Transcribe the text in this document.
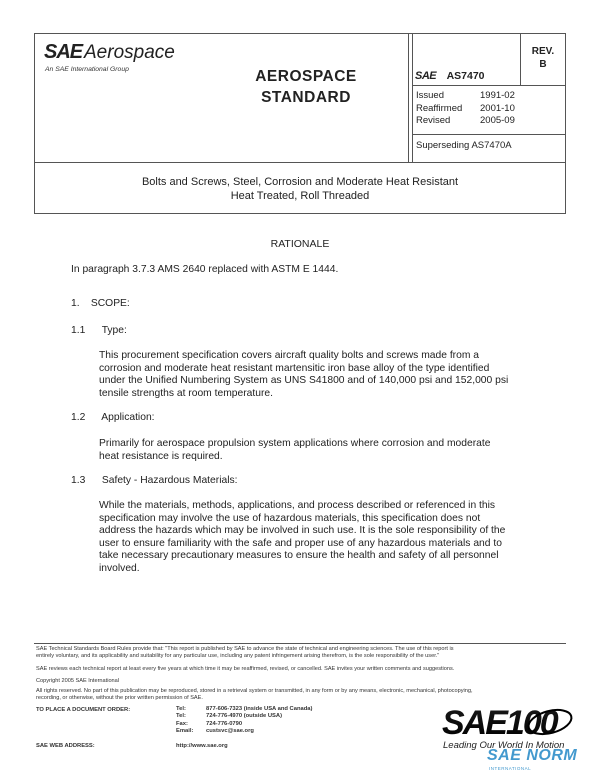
SAE Aerospace
An SAE International Group	AEROSPACE
STANDARD
SAE AS7470
REV.
B
Issued	1991-02
Reaffirmed	2001-10
Revised	2005-09
Superseding AS7470A
Bolts and Screws, Steel, Corrosion and Moderate Heat Resistant
Heat Treated, Roll Threaded
RATIONALE
In paragraph 3.7.3 AMS 2640 replaced with ASTM E 1444.
1. SCOPE:
1.1 Type:
This procurement specification covers aircraft quality bolts and screws made from a
corrosion and moderate heat resistant martensitic iron base alloy of the type identified
under the Unified Numbering System as UNS S41800 and of 140,000 psi and 152,000 psi
tensile strengths at room temperature.
1.2 Application:
Primarily for aerospace propulsion system applications where corrosion and moderate
heat resistance is required.
1.3 Safety - Hazardous Materials:
While the materials, methods, applications, and process described or referenced in this
specification may involve the use of hazardous materials, this specification does not
address the hazards which may be involved in such use. It is the sole responsibility of the
user to ensure familiarity with the safe and proper use of any hazardous materials and to
take necessary precautionary measures to ensure the health and safety of all personnel
involved.
SAE Technical Standards Board Rules provide that: "This report is published by SAE to advance the state of technical and engineering sciences. The use of this report is
entirely voluntary, and its applicability and suitability for any particular use, including any patent infringement arising therefrom, is the sole responsibility of the user."
SAE reviews each technical report at least every five years at which time it may be reaffirmed, revised, or cancelled. SAE invites your written comments and suggestions.
Copyright 2005 SAE International
All rights reserved. No part of this publication may be reproduced, stored in a retrieval system or transmitted, in any form or by any means, electronic, mechanical, photocopying,
recording, or otherwise, without the prior written permission of SAE.
TO PLACE A DOCUMENT ORDER:	Tel:	877-606-7323 (inside USA and Canada)
Tel:	724-776-4970 (outside USA)
Fax:	724-776-0790
Email:	custsvc@sae.org
SAE WEB ADDRESS:	http://www.sae.org
SAE100
Leading Our World In Motion
SAE NORM
INTERNATIONAL
